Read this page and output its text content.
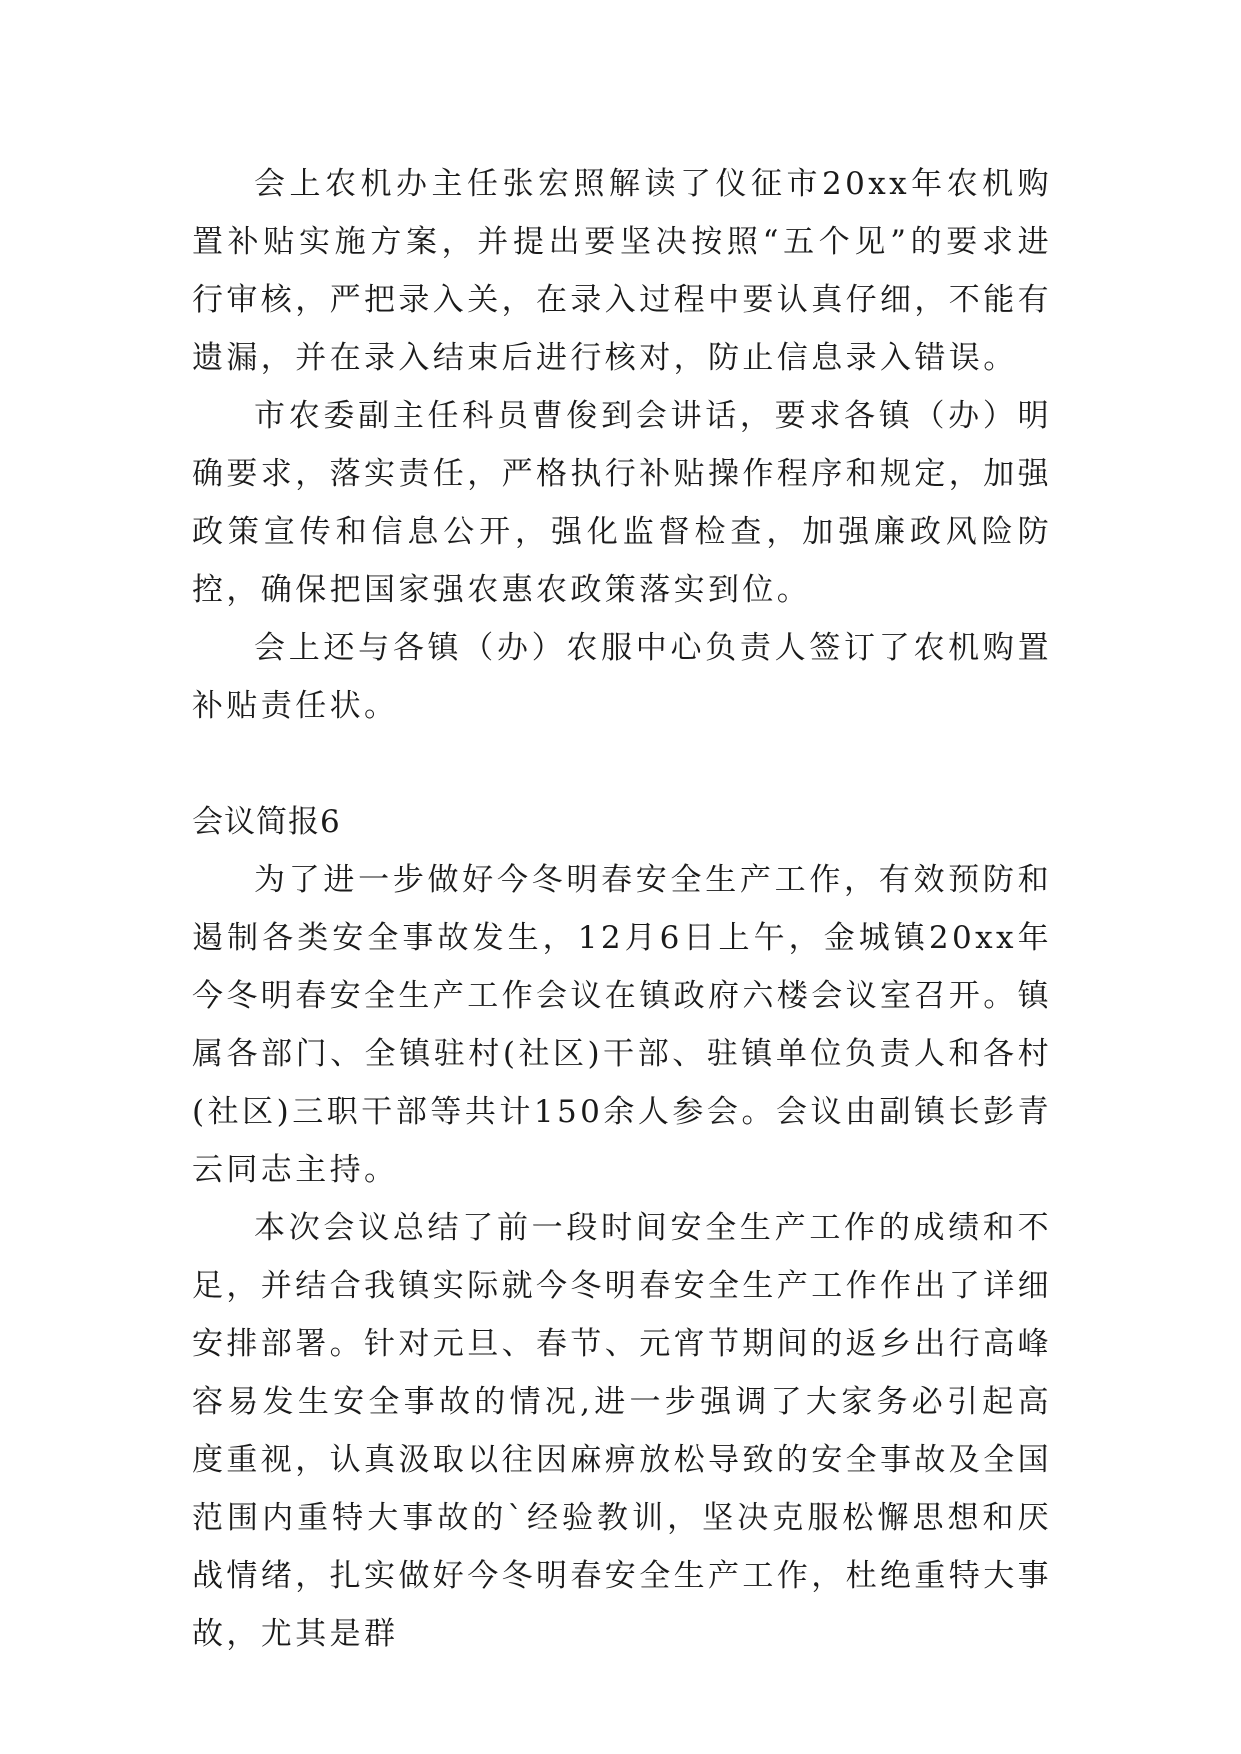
会上农机办主任张宏照解读了仪征市20xx年农机购置补贴实施方案，并提出要坚决按照“五个见”的要求进行审核，严把录入关，在录入过程中要认真仔细，不能有遗漏，并在录入结束后进行核对，防止信息录入错误。

市农委副主任科员曹俊到会讲话，要求各镇（办）明确要求，落实责任，严格执行补贴操作程序和规定，加强政策宣传和信息公开，强化监督检查，加强廉政风险防控，确保把国家强农惠农政策落实到位。

会上还与各镇（办）农服中心负责人签订了农机购置补贴责任状。

会议简报6

为了进一步做好今冬明春安全生产工作，有效预防和遏制各类安全事故发生，12月6日上午，金城镇20xx年今冬明春安全生产工作会议在镇政府六楼会议室召开。镇属各部门、全镇驻村(社区)干部、驻镇单位负责人和各村(社区)三职干部等共计150余人参会。会议由副镇长彭青云同志主持。

本次会议总结了前一段时间安全生产工作的成绩和不足，并结合我镇实际就今冬明春安全生产工作作出了详细安排部署。针对元旦、春节、元宵节期间的返乡出行高峰容易发生安全事故的情况,进一步强调了大家务必引起高度重视，认真汲取以往因麻痹放松导致的安全事故及全国范围内重特大事故的`经验教训，坚决克服松懈思想和厌战情绪，扎实做好今冬明春安全生产工作，杜绝重特大事故，尤其是群
